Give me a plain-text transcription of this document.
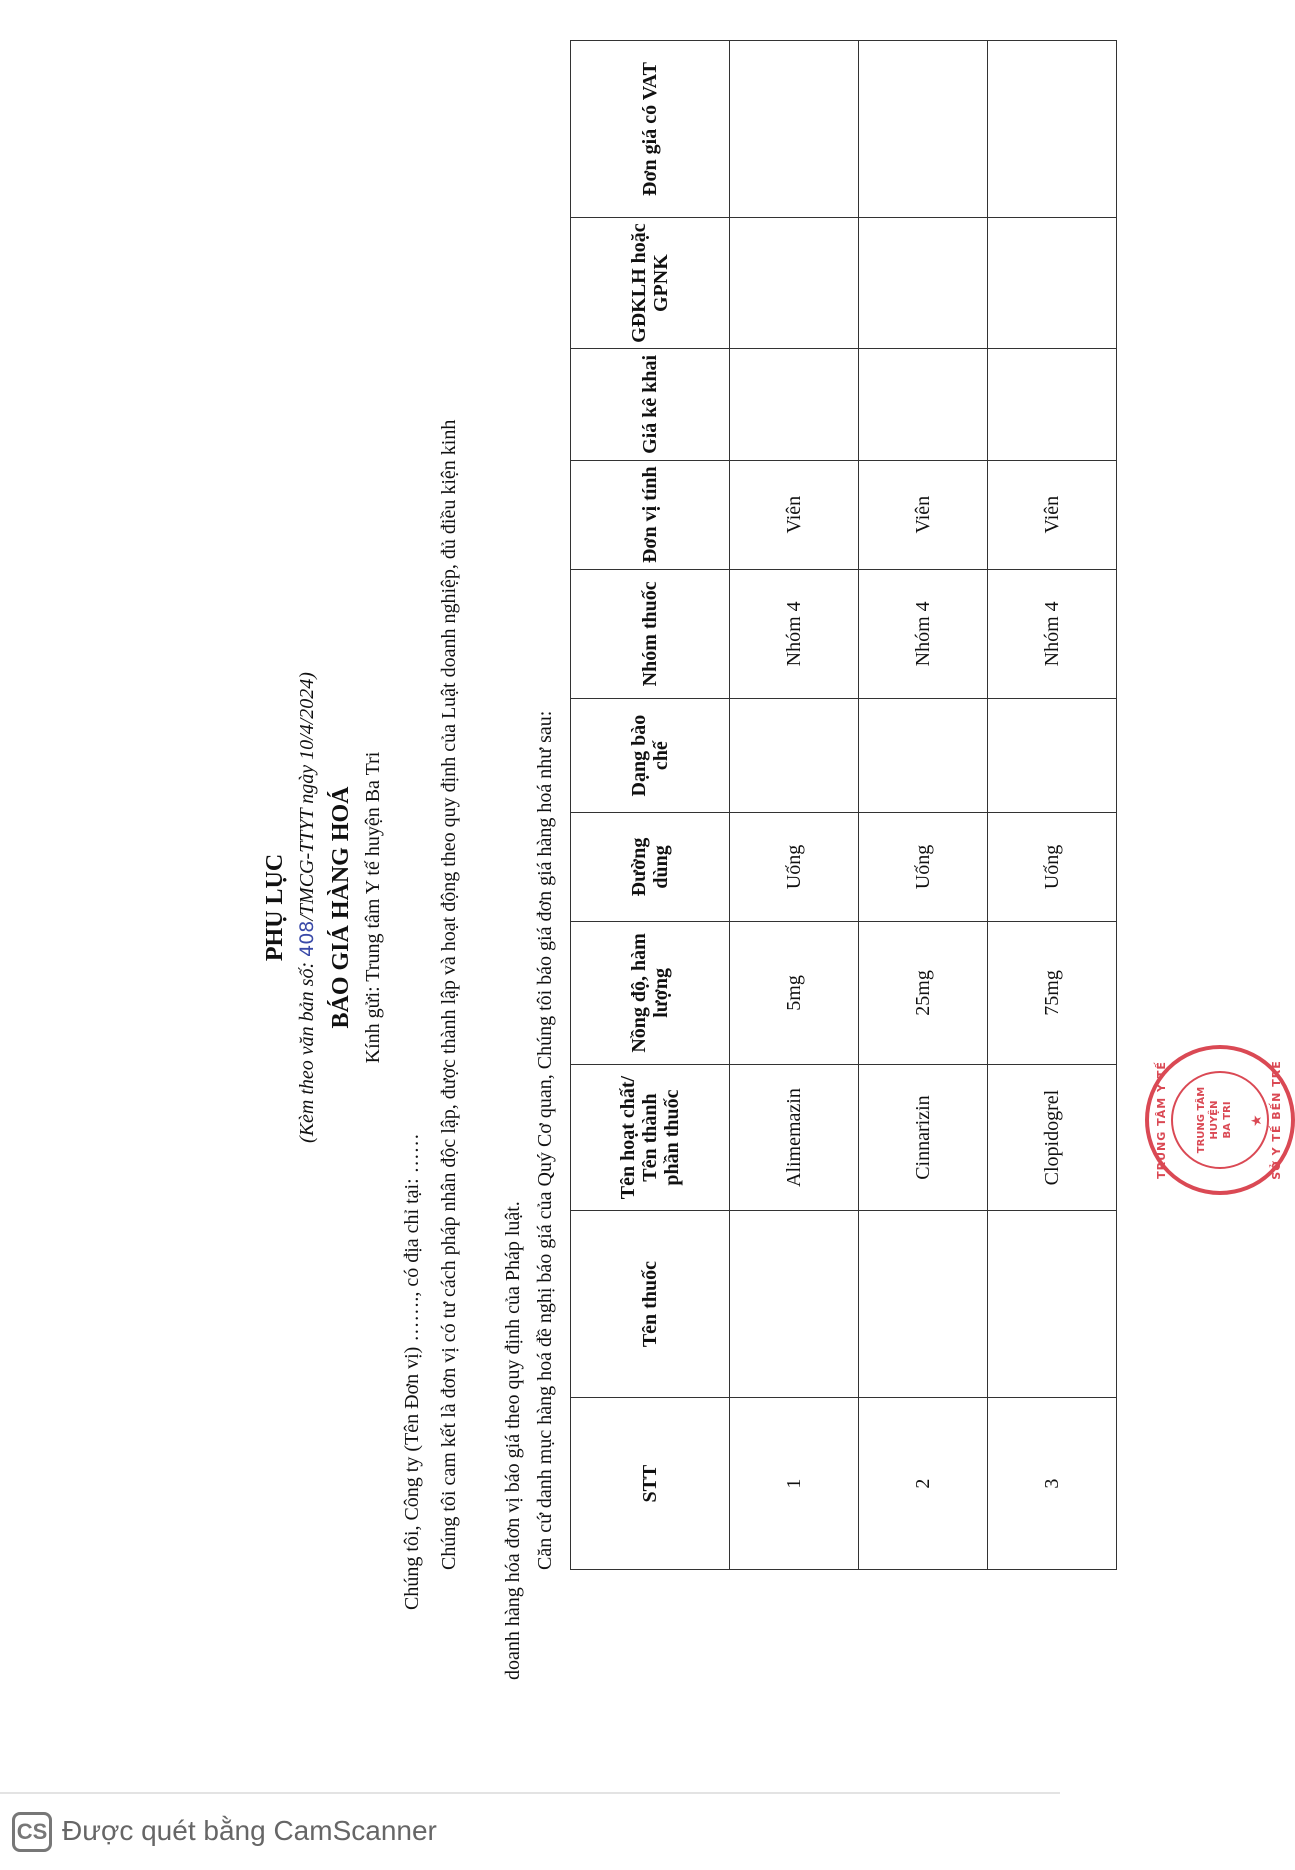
PHỤ LỤC
(Kèm theo văn bản số: 408/TMCG-TTYT ngày 10/4/2024) BÁO GIÁ HÀNG HOÁ Kính gửi: Trung tâm Y tế huyện Ba Tri
Chúng tôi, Công ty (Tên Đơn vị) ……., có địa chỉ tại: …… Chúng tôi cam kết là đơn vị có tư cách pháp nhân độc lập, được thành lập và hoạt động theo quy định của Luật doanh nghiệp, đủ điều kiện kinh	doanh hàng hóa đơn vị báo giá theo quy định của Pháp luật. Căn cứ danh mục hàng hoá đề nghị báo giá của Quý Cơ quan, Chúng tôi báo giá đơn giá hàng hoá như sau:	STT	Tên thuốc	Tên hoạt chất/ Tên thành phần thuốc	Nồng độ, hàm lượng	Đường dùng	Dạng bào chế	Nhóm thuốc	Đơn vị tính	Giá kê khai	GĐKLH hoặc GPNK	Đơn giá có VAT
1		Alimemazin	5mg	Uống		Nhóm 4	Viên			
2		Cinnarizin	25mg	Uống		Nhóm 4	Viên			
3		Clopidogrel	75mg	Uống		Nhóm 4	Viên			
TRUNG TÂM Y TẾ	TRUNG TÂM HUYỆN BA TRI ★ SỞ Y TẾ BẾN TRE
CS Được quét bằng CamScanner
